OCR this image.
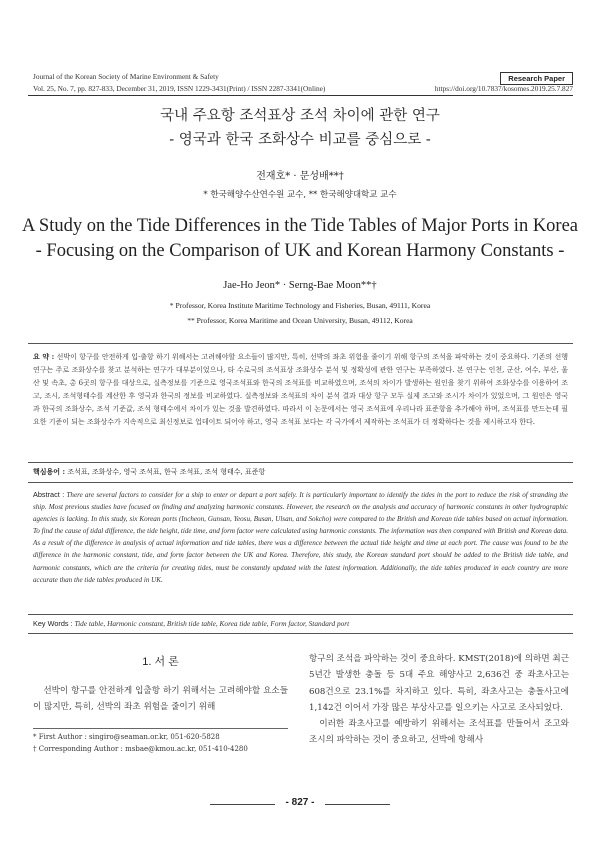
Journal of the Korean Society of Marine Environment & Safety	Research Paper
Vol. 25, No. 7, pp. 827-833, December 31, 2019, ISSN 1229-3431(Print) / ISSN 2287-3341(Online)	https://doi.org/10.7837/kosomes.2019.25.7.827
국내 주요항 조석표상 조석 차이에 관한 연구
- 영국과 한국 조화상수 비교를 중심으로 -
전재호* · 문성배**†
* 한국해양수산연수원 교수, ** 한국해양대학교 교수
A Study on the Tide Differences in the Tide Tables of Major Ports in Korea
- Focusing on the Comparison of UK and Korean Harmony Constants -
Jae-Ho Jeon* · Serng-Bae Moon**†
* Professor, Korea Institute Maritime Technology and Fisheries, Busan, 49111, Korea
** Professor, Korea Maritime and Ocean University, Busan, 49112, Korea
요 약 : 선박이 항구를 안전하게 입·출항 하기 위해서는 고려해야할 요소들이 많지만, 특히, 선박의 좌초 위험을 줄이기 위해 항구의 조석을 파악하는 것이 중요하다. 기존의 선행연구는 주로 조화상수를 찾고 분석하는 연구가 대부분이었으나, 타 수로국의 조석표상 조화상수 분석 및 정확성에 관한 연구는 부족하였다. 본 연구는 인천, 군산, 여수, 부산, 울산 및 속초, 총 6곳의 항구를 대상으로, 실측정보를 기준으로 영국조석표와 한국의 조석표를 비교하였으며, 조석의 차이가 발생하는 원인을 찾기 위하여 조화상수를 이용하여 조고, 조시, 조석형태수를 계산한 후 영국과 한국의 정보를 비교하였다. 실측정보와 조석표의 차이 분석 결과 대상 항구 모두 실제 조고와 조시가 차이가 있었으며, 그 원인은 영국과 한국의 조화상수, 조석 기준값, 조석 형태수에서 차이가 있는 것을 발견하였다. 따라서 이 논문에서는 영국 조석표에 우리나라 표준항을 추가해야 하며, 조석표를 만드는데 필요한 기준이 되는 조화상수가 지속적으로 최신정보로 업데이트 되어야 하고, 영국 조석표 보다는 각 국가에서 제작하는 조석표가 더 정확하다는 것을 제시하고자 한다.
핵심용어 : 조석표, 조화상수, 영국 조석표, 한국 조석표, 조석 형태수, 표준항
Abstract : There are several factors to consider for a ship to enter or depart a port safely. It is particularly important to identify the tides in the port to reduce the risk of stranding the ship. Most previous studies have focused on finding and analyzing harmonic constants. However, the research on the analysis and accuracy of harmonic constants in other hydrographic agencies is lacking. In this study, six Korean ports (Incheon, Gunsan, Yeosu, Busan, Ulsan, and Sokcho) were compared to the British and Korean tide tables based on actual information. To find the cause of tidal difference, the tide height, tide time, and form factor were calculated using harmonic constants. The information was then compared with British and Korean data. As a result of the difference in analysis of actual information and tide tables, there was a difference between the actual tide height and time at each port. The cause was found to be the difference in the harmonic constant, tide, and form factor between the UK and Korea. Therefore, this study, the Korean standard port should be added to the British tide table, and harmonic constants, which are the criteria for creating tides, must be constantly updated with the latest information. Additionally, the tide tables produced in each country are more accurate than the tide tables produced in UK.
Key Words : Tide table, Harmonic constant, British tide table, Korea tide table, Form factor, Standard port
1. 서 론
선박이 항구를 안전하게 입출항 하기 위해서는 고려해야할 요소들이 많지만, 특히, 선박의 좌초 위험을 줄이기 위해
항구의 조석을 파악하는 것이 중요하다. KMST(2018)에 의하면 최근 5년간 발생한 충돌 등 5대 주요 해양사고 2,636건 중 좌초사고는 608건으로 23.1%를 차지하고 있다. 특히, 좌초사고는 충돌사고에 1,142건 이어서 가장 많은 부상사고를 일으키는 사고로 조사되었다.
이러한 좌초사고를 예방하기 위해서는 조석표를 만들어서 조고와 조시의 파악하는 것이 중요하고, 선박에 항해사
* First Author : singiro@seaman.or.kr, 051-620-5828
† Corresponding Author : msbae@kmou.ac.kr, 051-410-4280
- 827 -
